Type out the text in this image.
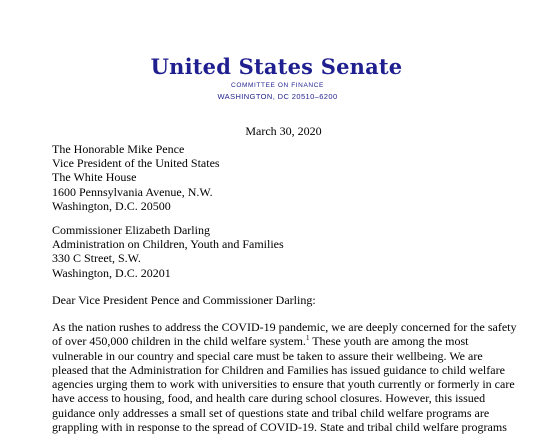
United States Senate
COMMITTEE ON FINANCE
WASHINGTON, DC 20510–6200
March 30, 2020
The Honorable Mike Pence
Vice President of the United States
The White House
1600 Pennsylvania Avenue, N.W.
Washington, D.C. 20500
Commissioner Elizabeth Darling
Administration on Children, Youth and Families
330 C Street, S.W.
Washington, D.C. 20201
Dear Vice President Pence and Commissioner Darling:
As the nation rushes to address the COVID-19 pandemic, we are deeply concerned for the safety
of over 450,000 children in the child welfare system.$^1$ These youth are among the most
vulnerable in our country and special care must be taken to assure their wellbeing. We are
pleased that the Administration for Children and Families has issued guidance to child welfare
agencies urging them to work with universities to ensure that youth currently or formerly in care
have access to housing, food, and health care during school closures. However, this issued
guidance only addresses a small set of questions state and tribal child welfare programs are
grappling with in response to the spread of COVID-19. State and tribal child welfare programs
